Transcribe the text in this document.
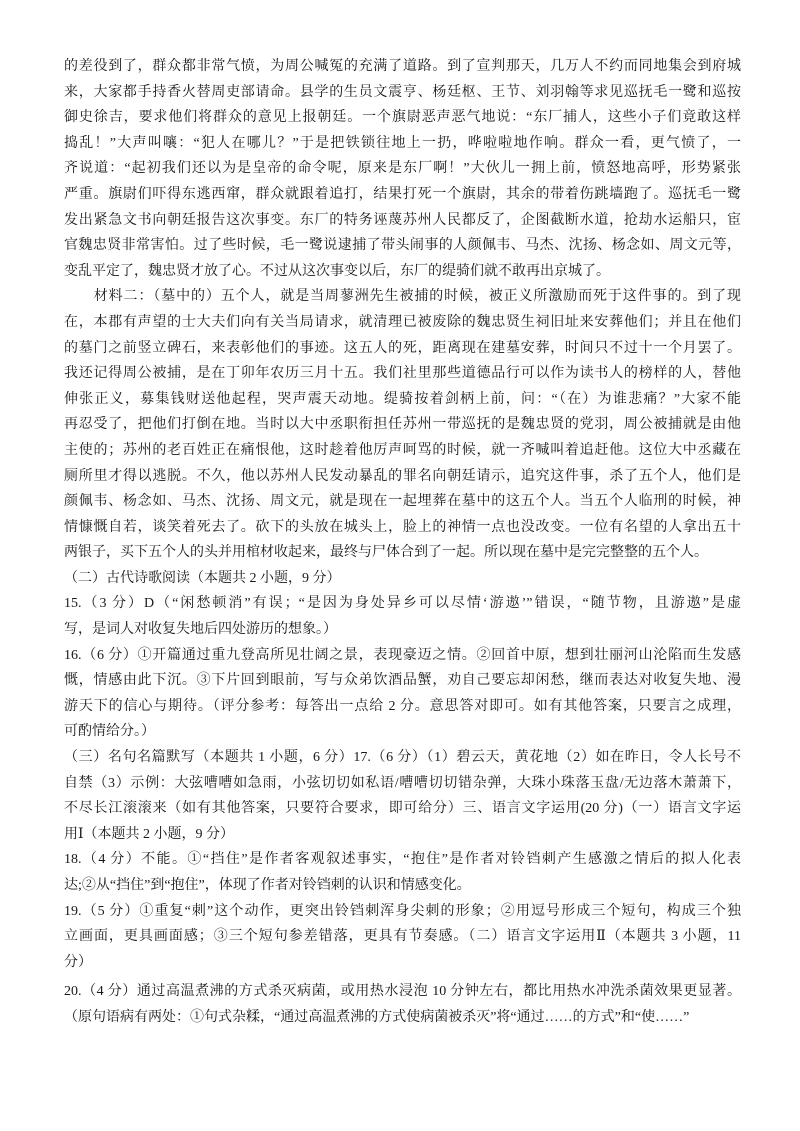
的差役到了，群众都非常气愤，为周公喊冤的充满了道路。到了宣判那天，几万人不约而同地集会到府城
来，大家都手持香火替周吏部请命。县学的生员文震亨、杨廷枢、王节、刘羽翰等求见巡抚毛一鹭和巡按
御史徐吉，要求他们将群众的意见上报朝廷。一个旗尉恶声恶气地说：“东厂捕人，这些小子们竟敢这样
捣乱！”大声叫嚷：“犯人在哪儿？”于是把铁锁往地上一扔，哗啦啦地作响。群众一看，更气愤了，一
齐说道：“起初我们还以为是皇帝的命令呢，原来是东厂啊！”大伙儿一拥上前，愤怒地高呼，形势紧张
严重。旗尉们吓得东逃西窜，群众就跟着追打，结果打死一个旗尉，其余的带着伤跳墙跑了。巡抚毛一鹭
发出紧急文书向朝廷报告这次事变。东厂的特务诬蔑苏州人民都反了，企图截断水道，抢劫水运船只，宦
官魏忠贤非常害怕。过了些时候，毛一鹭说逮捕了带头闹事的人颜佩韦、马杰、沈扬、杨念如、周文元等，
变乱平定了，魏忠贤才放了心。不过从这次事变以后，东厂的缇骑们就不敢再出京城了。
　　材料二：（墓中的）五个人，就是当周蓼洲先生被捕的时候，被正义所激励而死于这件事的。到了现
在，本郡有声望的士大夫们向有关当局请求，就清理已被废除的魏忠贤生祠旧址来安葬他们；并且在他们
的墓门之前竖立碑石，来表彰他们的事迹。这五人的死，距离现在建墓安葬，时间只不过十一个月罢了。
我还记得周公被捕，是在丁卯年农历三月十五。我们社里那些道德品行可以作为读书人的榜样的人，替他
伸张正义，募集钱财送他起程，哭声震天动地。缇骑按着剑柄上前，问：“（在）为谁悲痛？”大家不能
再忍受了，把他们打倒在地。当时以大中丞职衔担任苏州一带巡抚的是魏忠贤的党羽，周公被捕就是由他
主使的；苏州的老百姓正在痛恨他，这时趁着他厉声呵骂的时候，就一齐喊叫着追赶他。这位大中丞藏在
厕所里才得以逃脱。不久，他以苏州人民发动暴乱的罪名向朝廷请示，追究这件事，杀了五个人，他们是
颜佩韦、杨念如、马杰、沈扬、周文元，就是现在一起埋葬在墓中的这五个人。当五个人临刑的时候，神
情慷慨自若，谈笑着死去了。砍下的头放在城头上，脸上的神情一点也没改变。一位有名望的人拿出五十
两银子，买下五个人的头并用棺材收起来，最终与尸体合到了一起。所以现在墓中是完完整整的五个人。
（二）古代诗歌阅读（本题共 2 小题，9 分）
15.（3 分）D（“闲愁顿消”有误；“是因为身处异乡可以尽情‘游遨’”错误，“随节物，且游遨”是虚
写，是词人对收复失地后四处游历的想象。）
16.（6 分）①开篇通过重九登高所见壮阔之景，表现豪迈之情。②回首中原，想到壮丽河山沦陷而生发感
慨，情感由此下沉。③下片回到眼前，写与众弟饮酒品蟹，劝自己要忘却闲愁，继而表达对收复失地、漫
游天下的信心与期待。（评分参考：每答出一点给 2 分。意思答对即可。如有其他答案，只要言之成理，
可酌情给分。）
（三）名句名篇默写（本题共 1 小题，6 分）17.（6 分）（1）碧云天，黄花地（2）如在昨日，令人长号不
自禁（3）示例：大弦嘈嘈如急雨，小弦切切如私语/嘈嘈切切错杂弹，大珠小珠落玉盘/无边落木萧萧下，
不尽长江滚滚来（如有其他答案，只要符合要求，即可给分）三、语言文字运用(20 分)（一）语言文字运
用Ⅰ（本题共 2 小题，9 分）
18.（4 分）不能。①“挡住”是作者客观叙述事实，“抱住”是作者对铃铛刺产生感激之情后的拟人化表
达;②从“挡住”到“抱住”，体现了作者对铃铛刺的认识和情感变化。
19.（5 分）①重复“刺”这个动作，更突出铃铛刺浑身尖刺的形象；②用逗号形成三个短句，构成三个独
立画面，更具画面感；③三个短句参差错落，更具有节奏感。（二）语言文字运用Ⅱ（本题共 3 小题，11
分）
20.（4 分）通过高温煮沸的方式杀灭病菌，或用热水浸泡 10 分钟左右，都比用热水冲洗杀菌效果更显著。
（原句语病有两处：①句式杂糅，“通过高温煮沸的方式使病菌被杀灭”将“通过……的方式”和“使……”
